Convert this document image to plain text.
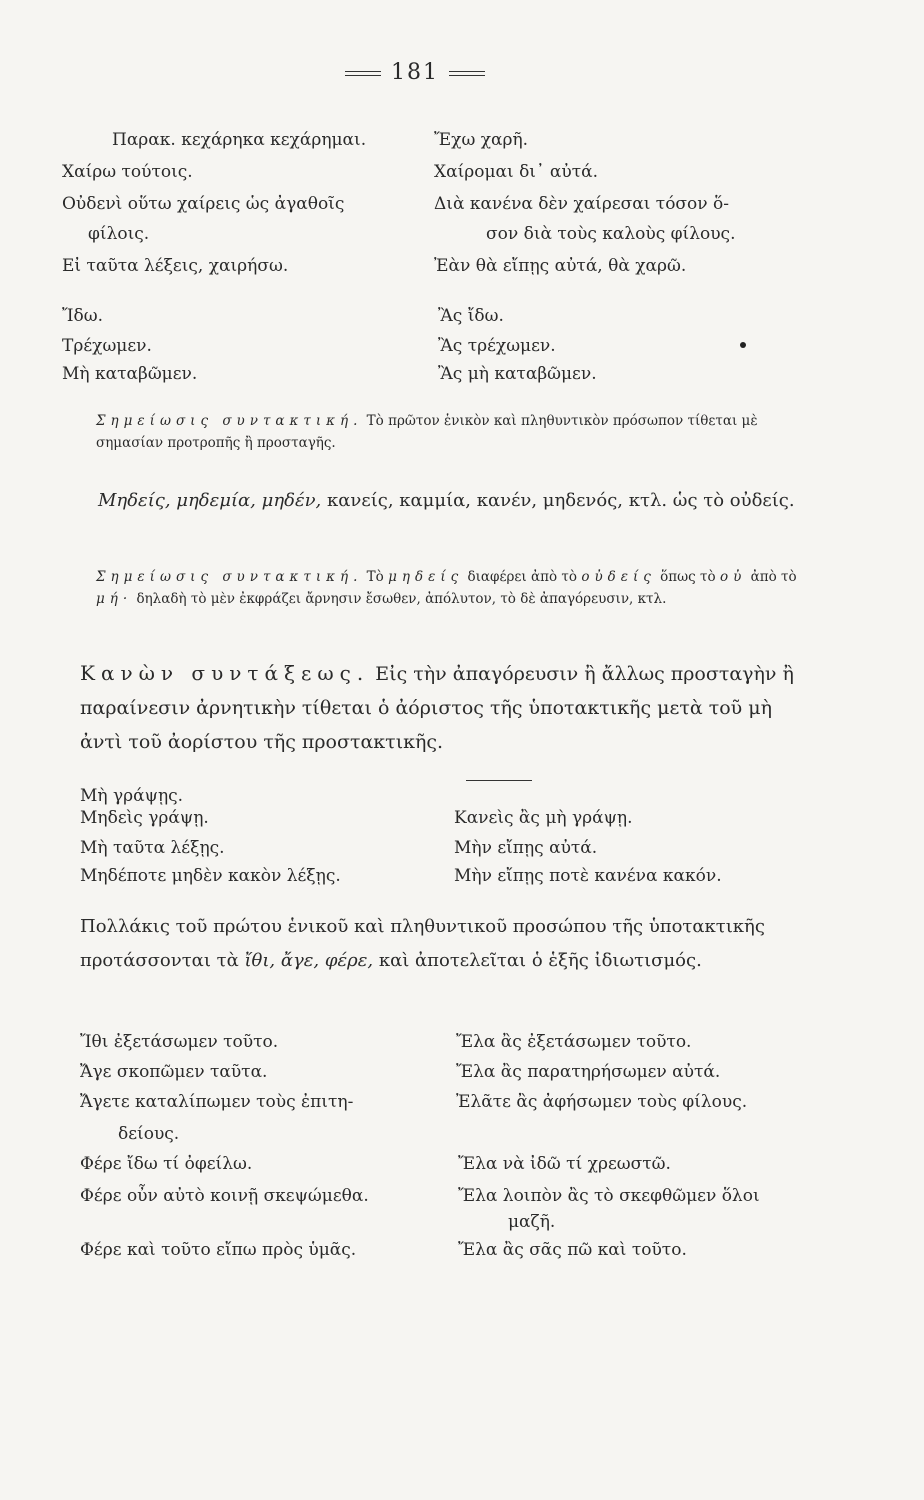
181
Παρακ. κεχάρηκα κεχάρημαι.	Ἔχω χαρῆ.
Χαίρω τούτοις.	Χαίρομαι δι᾽ αὐτά.
Οὐδενὶ οὕτω χαίρεις ὡς ἀγαθοῖς	Διὰ κανένα δὲν χαίρεσαι τόσον ὅ-
φίλοις.	σον διὰ τοὺς καλοὺς φίλους.
Εἰ ταῦτα λέξεις, χαιρήσω.	Ἐὰν θὰ εἴπῃς αὐτά, θὰ χαρῶ.
Ἴδω.	Ἂς ἴδω.
Τρέχωμεν.	Ἂς τρέχωμεν.
Μὴ καταβῶμεν.	Ἂς μὴ καταβῶμεν.
Σημείωσις συντακτική. Τὸ πρῶτον ἑνικὸν καὶ πληθυντικὸν πρόσωπον τίθεται μὲ σημασίαν προτροπῆς ἢ προσταγῆς.
Μηδείς, μηδεμία, μηδέν, κανείς, καμμία, κανέν, μηδενός, κτλ. ὡς τὸ οὐδείς.
Σημείωσις συντακτική. Τὸ μηδείς διαφέρει ἀπὸ τὸ οὐδείς ὅπως τὸ οὐ ἀπὸ τὸ μή· δηλαδὴ τὸ μὲν ἐκφράζει ἄρνησιν ἔσωθεν, ἀπόλυτον, τὸ δὲ ἀπαγόρευσιν, κτλ.
Κανὼν συντάξεως. Εἰς τὴν ἀπαγόρευσιν ἢ ἄλλως προσταγὴν ἢ παραίνεσιν ἀρνητικὴν τίθεται ὁ ἀόριστος τῆς ὑποτακτικῆς μετὰ τοῦ μὴ ἀντὶ τοῦ ἀορίστου τῆς προστακτικῆς.
Μὴ γράψῃς.
Μηδεὶς γράψῃ.	Κανεὶς ἂς μὴ γράψῃ.
Μὴ ταῦτα λέξῃς.	Μὴν εἴπῃς αὐτά.
Μηδέποτε μηδὲν κακὸν λέξῃς.	Μὴν εἴπῃς ποτὲ κανένα κακόν.
Πολλάκις τοῦ πρώτου ἑνικοῦ καὶ πληθυντικοῦ προσώπου τῆς ὑποτακτικῆς προτάσσονται τὰ ἴθι, ἄγε, φέρε, καὶ ἀποτελεῖται ὁ ἑξῆς ἰδιωτισμός.
Ἴθι ἐξετάσωμεν τοῦτο.	Ἔλα ἂς ἐξετάσωμεν τοῦτο.
Ἄγε σκοπῶμεν ταῦτα.	Ἔλα ἂς παρατηρήσωμεν αὐτά.
Ἄγετε καταλίπωμεν τοὺς ἐπιτη-	Ἐλᾶτε ἂς ἀφήσωμεν τοὺς φίλους.
δείους.
Φέρε ἴδω τί ὀφείλω.	Ἔλα νὰ ἰδῶ τί χρεωστῶ.
Φέρε οὖν αὐτὸ κοινῇ σκεψώμεθα.	Ἔλα λοιπὸν ἂς τὸ σκεφθῶμεν ὅλοι
μαζῆ.
Φέρε καὶ τοῦτο εἴπω πρὸς ὑμᾶς.	Ἔλα ἂς σᾶς πῶ καὶ τοῦτο.
